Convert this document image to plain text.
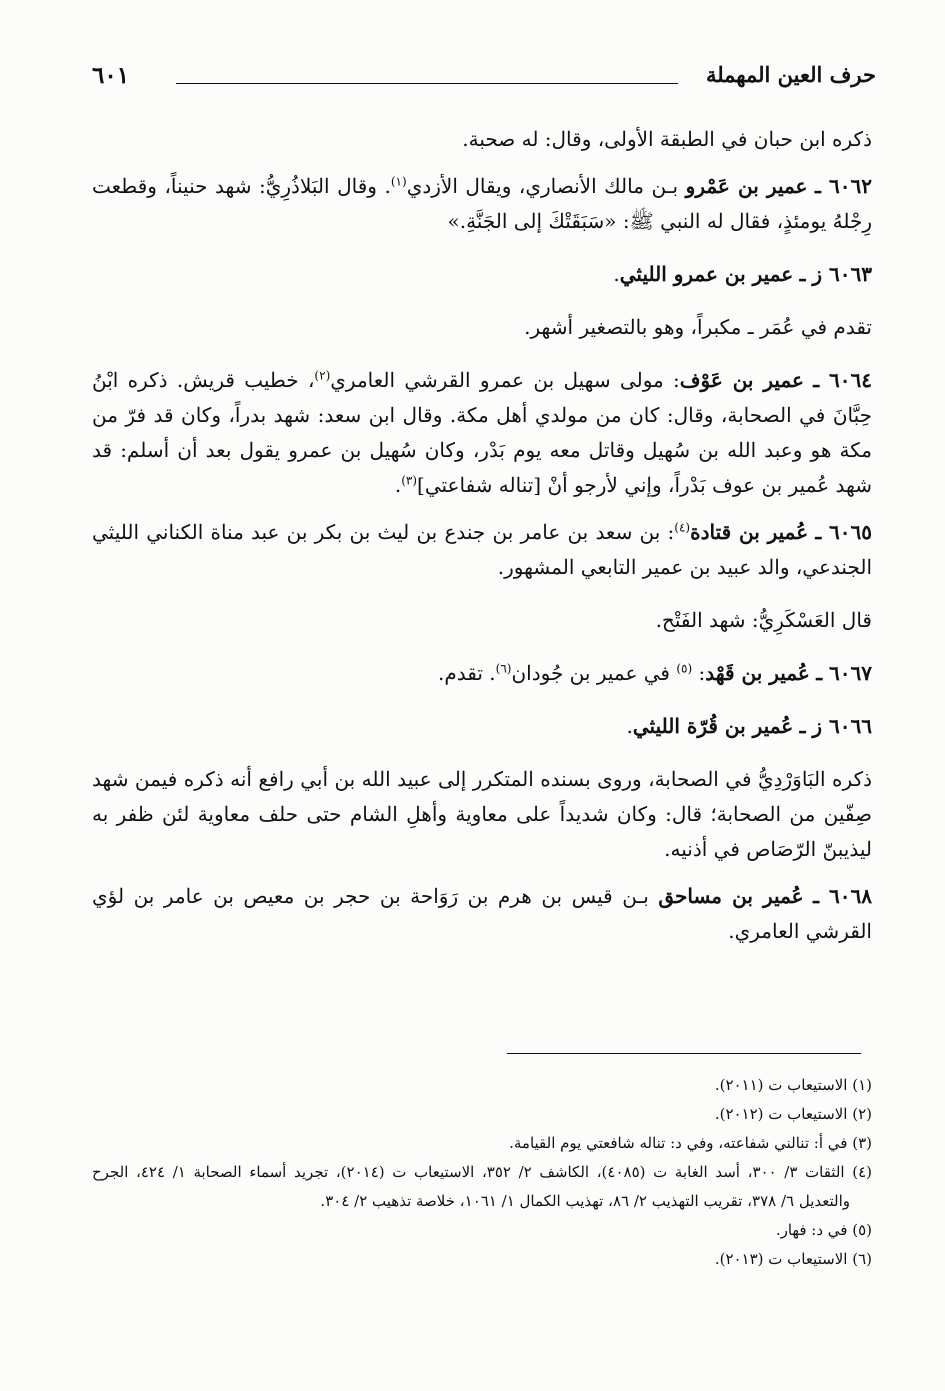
حرف العين المهملة
٦٠١

ذكره ابن حبان في الطبقة الأولى، وقال: له صحبة.

٦٠٦٢ ـ عمير بن عَمْرو بـن مالك الأنصاري، ويقال الأزدي$^{(١)}$. وقال البَلاذُرِيُّ: شهد حنيناً، وقطعت رِجْلهُ يومئذٍ، فقال له النبي ﷺ: «سَبَقَتْكَ إلى الجَنَّةِ.»

٦٠٦٣ ز ـ عمير بن عمرو الليثي.

تقدم في عُمَر ـ مكبراً، وهو بالتصغير أشهر.

٦٠٦٤ ـ عمير بن عَوْف: مولى سهيل بن عمرو القرشي العامري$^{(٢)}$، خطيب قريش. ذكره ابْنُ حِبَّانَ في الصحابة، وقال: كان من مولدي أهل مكة. وقال ابن سعد: شهد بدراً، وكان قد فرّ من مكة هو وعبد الله بن سُهيل وقاتل معه يوم بَدْر، وكان سُهيل بن عمرو يقول بعد أن أسلم: قد شهد عُمير بن عوف بَدْراً، وإني لأرجو أنْ [تناله شفاعتي]$^{(٣)}$.

٦٠٦٥ ـ عُمير بن قتادة$^{(٤)}$: بن سعد بن عامر بن جندع بن ليث بن بكر بن عبد مناة الكناني الليثي الجندعي، والد عبيد بن عمير التابعي المشهور.

قال العَسْكَرِيُّ: شهد الفَتْح.

٦٠٦٧ ـ عُمير بن قَهْد: $^{(٥)}$ في عمير بن جُودان$^{(٦)}$. تقدم.

٦٠٦٦ ز ـ عُمير بن قُرّة الليثي.

ذكره البَاوَرْدِيُّ في الصحابة، وروى بسنده المتكرر إلى عبيد الله بن أبي رافع أنه ذكره فيمن شهد صِفّين من الصحابة؛ قال: وكان شديداً على معاوية وأهلِ الشام حتى حلف معاوية لئن ظفر به ليذيبنّ الرّصَاص في أذنيه.

٦٠٦٨ ـ عُمير بن مساحق بـن قيس بن هرم بن رَوَاحة بن حجر بن معيص بن عامر بن لؤي القرشي العامري.

(١) الاستيعاب ت (٢٠١١).

(٢) الاستيعاب ت (٢٠١٢).

(٣) في أ: تنالني شفاعته، وفي د: تناله شافعتي يوم القيامة.

(٤) الثقات ٣/ ٣٠٠، أسد الغابة ت (٤٠٨٥)، الكاشف ٢/ ٣٥٢، الاستيعاب ت (٢٠١٤)، تجريد أسماء الصحابة ١/ ٤٢٤، الجرح والتعديل ٦/ ٣٧٨، تقريب التهذيب ٢/ ٨٦، تهذيب الكمال ١/ ١٠٦١، خلاصة تذهيب ٢/ ٣٠٤.

(٥) في د: فهار.

(٦) الاستيعاب ت (٢٠١٣).
